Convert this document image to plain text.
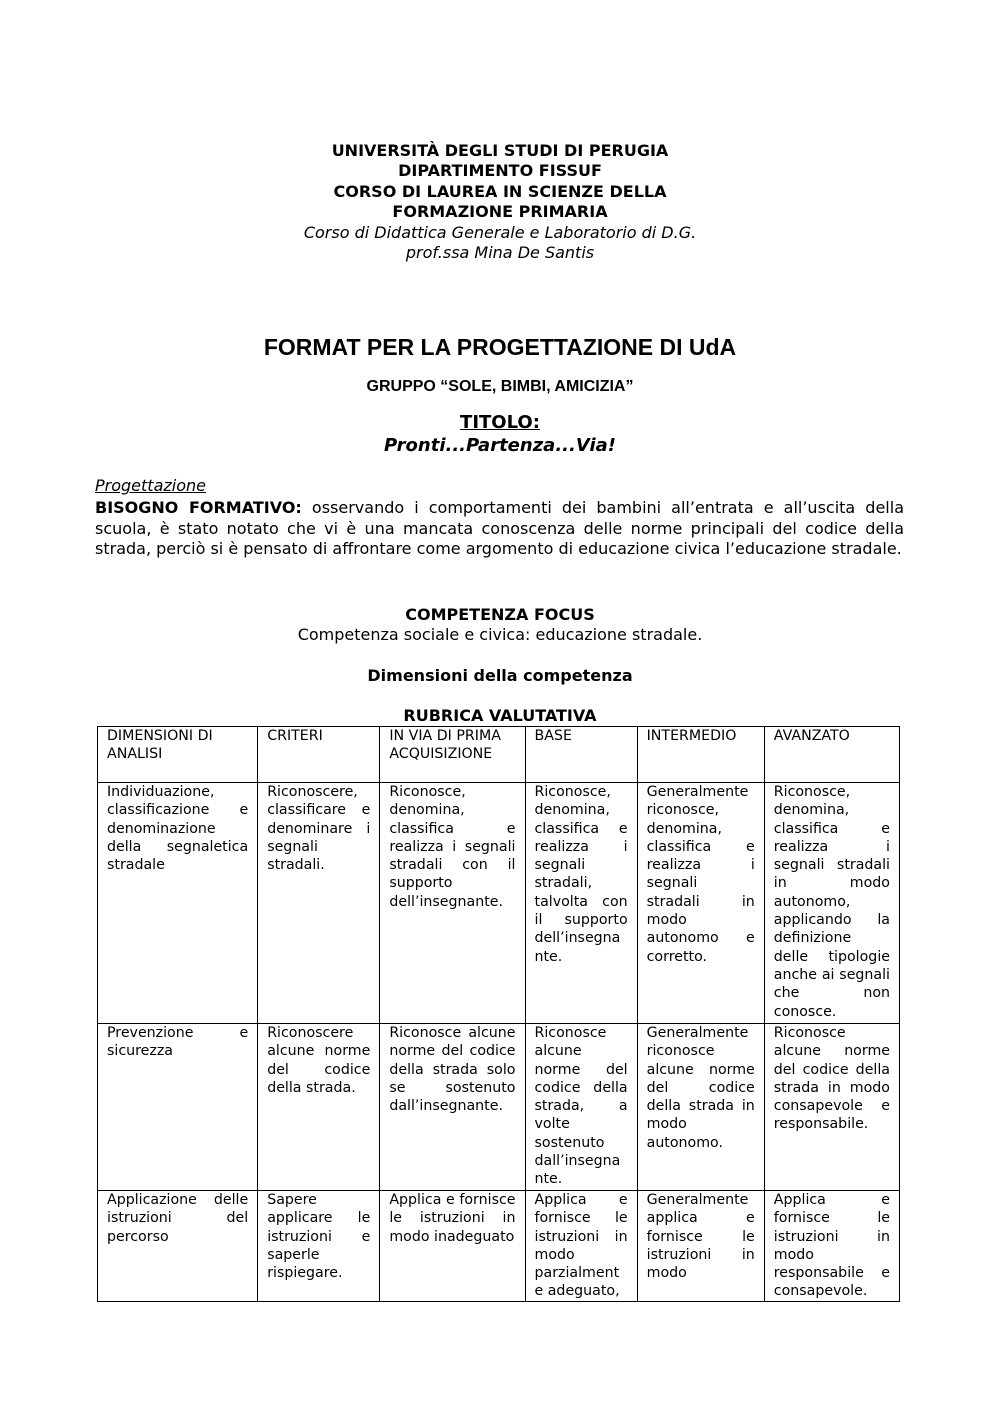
UNIVERSITÀ DEGLI STUDI DI PERUGIA DIPARTIMENTO FISSUF
CORSO DI LAUREA IN SCIENZE DELLA FORMAZIONE PRIMARIA
Corso di Didattica Generale e Laboratorio di D.G. prof.ssa Mina De Santis
FORMAT PER LA PROGETTAZIONE DI UdA
GRUPPO “SOLE, BIMBI, AMICIZIA”
TITOLO:
Pronti...Partenza...Via!
Progettazione
BISOGNO FORMATIVO: osservando i comportamenti dei bambini all’entrata e all’uscita della scuola, è stato notato che vi è una mancata conoscenza delle norme principali del codice della strada, perciò si è pensato di affrontare come argomento di educazione civica l’educazione stradale.
COMPETENZA FOCUS
Competenza sociale e civica: educazione stradale.
Dimensioni della competenza
RUBRICA VALUTATIVA
DIMENSIONI DI ANALISI	CRITERI	IN VIA DI PRIMA ACQUISIZIONE	BASE	INTERMEDIO	AVANZATO
Individuazione, classificazione e denominazione della segnaletica stradale	Riconoscere, classificare e denominare i segnali stradali.	Riconosce, denomina, classifica e realizza i segnali stradali con il supporto dell’insegnante.	Riconosce, denomina, classifica e realizza i segnali stradali, talvolta con il supporto dell’insegnante.	Generalmente riconosce, denomina, classifica e realizza i segnali stradali in modo autonomo e corretto.	Riconosce, denomina, classifica e realizza i segnali stradali in modo autonomo, applicando la definizione delle tipologie anche ai segnali che non conosce.
Prevenzione e sicurezza	Riconoscere alcune norme del codice della strada.	Riconosce alcune norme del codice della strada solo se sostenuto dall’insegnante.	Riconosce alcune norme del codice della strada, a volte sostenuto dall’insegnante.	Generalmente riconosce alcune norme del codice della strada in modo autonomo.	Riconosce alcune norme del codice della strada in modo consapevole e responsabile.
Applicazione delle istruzioni del percorso	Sapere applicare le istruzioni e saperle rispiegare.	Applica e fornisce le istruzioni in modo inadeguato	Applica e fornisce le istruzioni in modo parzialmente adeguato,	Generalmente applica e fornisce le istruzioni in modo	Applica e fornisce le istruzioni in modo responsabile e consapevole.
